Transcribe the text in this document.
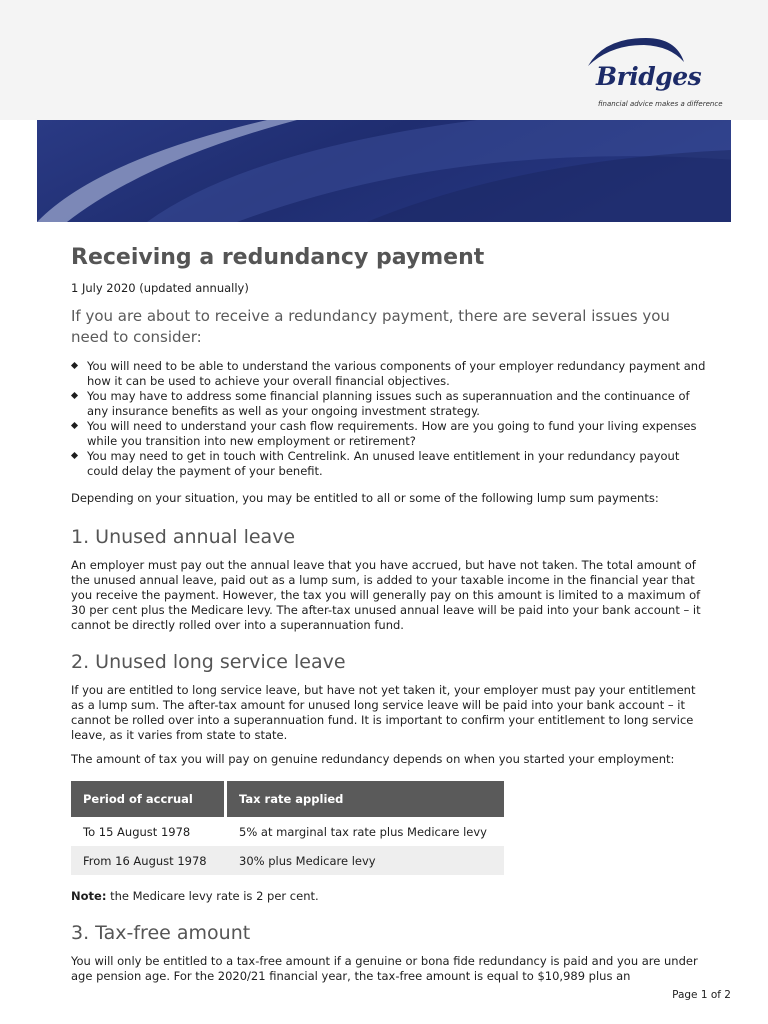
Bridges
financial advice makes a difference
Receiving a redundancy payment
1 July 2020 (updated annually)
If you are about to receive a redundancy payment, there are several issues you need to consider:
You will need to be able to understand the various components of your employer redundancy payment and how it can be used to achieve your overall financial objectives.
You may have to address some financial planning issues such as superannuation and the continuance of any insurance benefits as well as your ongoing investment strategy.
You will need to understand your cash flow requirements. How are you going to fund your living expenses while you transition into new employment or retirement?
You may need to get in touch with Centrelink. An unused leave entitlement in your redundancy payout could delay the payment of your benefit.

Depending on your situation, you may be entitled to all or some of the following lump sum payments:

1. Unused annual leave

An employer must pay out the annual leave that you have accrued, but have not taken. The total amount of the unused annual leave, paid out as a lump sum, is added to your taxable income in the financial year that you receive the payment. However, the tax you will generally pay on this amount is limited to a maximum of 30 per cent plus the Medicare levy. The after-tax unused annual leave will be paid into your bank account – it cannot be directly rolled over into a superannuation fund.

2. Unused long service leave

If you are entitled to long service leave, but have not yet taken it, your employer must pay your entitlement as a lump sum. The after-tax amount for unused long service leave will be paid into your bank account – it cannot be rolled over into a superannuation fund. It is important to confirm your entitlement to long service leave, as it varies from state to state.

The amount of tax you will pay on genuine redundancy depends on when you started your employment:

Period of accrual		Tax rate applied
To 15 August 1978		5% at marginal tax rate plus Medicare levy
From 16 August 1978		30% plus Medicare levy

Note: the Medicare levy rate is 2 per cent.

3. Tax-free amount

You will only be entitled to a tax-free amount if a genuine or bona fide redundancy is paid and you are under age pension age. For the 2020/21 financial year, the tax-free amount is equal to $10,989 plus an

Page 1 of 2
